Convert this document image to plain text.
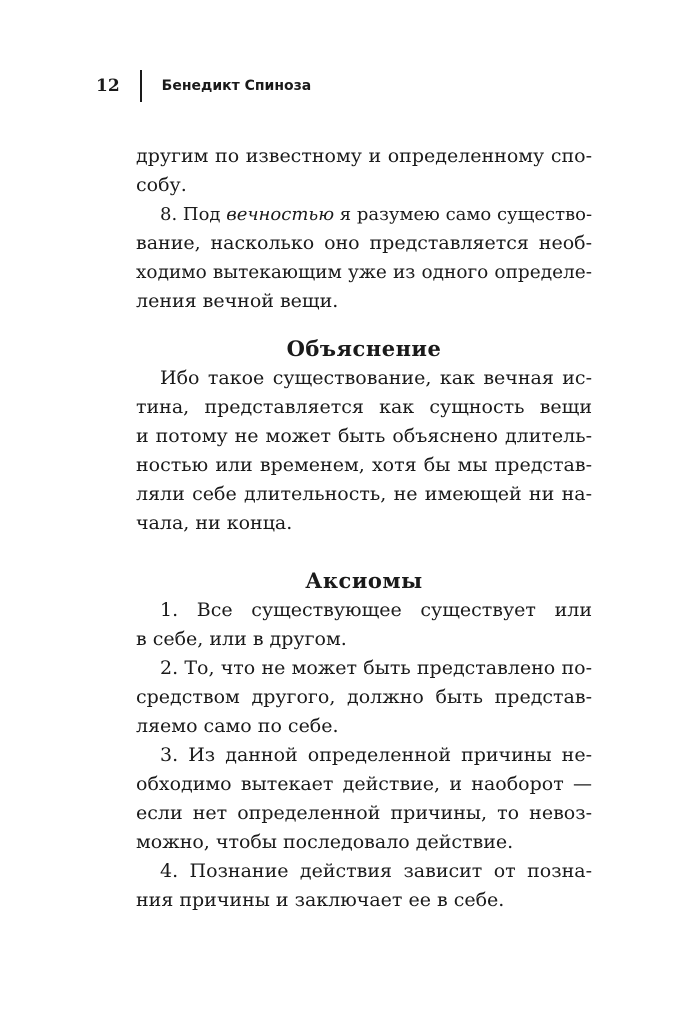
12	Бенедикт Спиноза
другим по известному и определенному спо-
собу.
8. Под вечностью я разумею само существо-
вание, насколько оно представляется необ-
ходимо вытекающим уже из одного определе-
ления вечной вещи.
Объяснение
Ибо такое существование, как вечная ис-
тина, представляется как сущность вещи
и потому не может быть объяснено длитель-
ностью или временем, хотя бы мы представ-
ляли себе длительность, не имеющей ни на-
чала, ни конца.
Аксиомы
1. Все существующее существует или
в себе, или в другом.
2. То, что не может быть представлено по-
средством другого, должно быть представ-
ляемо само по себе.
3. Из данной определенной причины не-
обходимо вытекает действие, и наоборот —
если нет определенной причины, то невоз-
можно, чтобы последовало действие.
4. Познание действия зависит от позна-
ния причины и заключает ее в себе.
